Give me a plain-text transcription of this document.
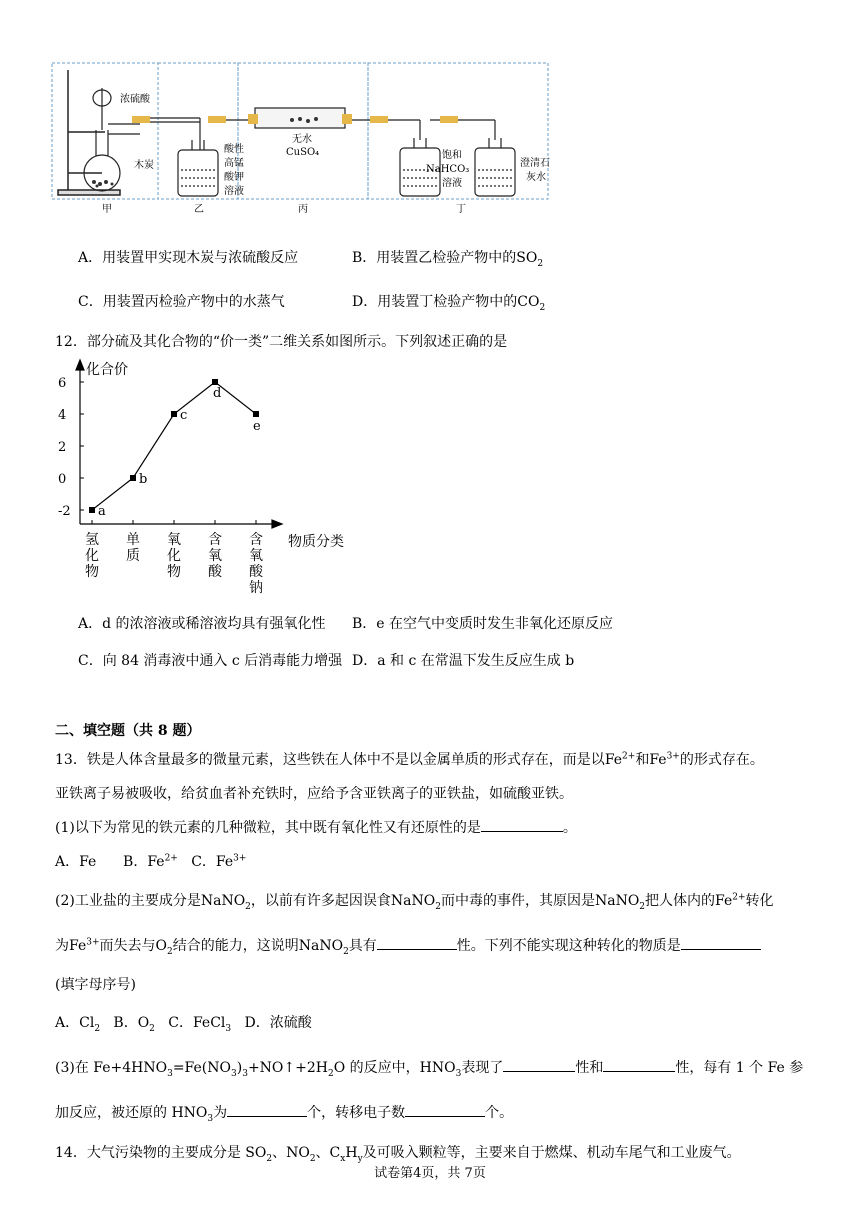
浓硫酸
木炭
酸性
高锰
酸钾
溶液
无水
CuSO₄	饱和
NaHCO₃
溶液
澄清石
灰水
甲	乙	丙	丁
A．用装置甲实现木炭与浓硫酸反应	B．用装置乙检验产物中的$SO_2$
C．用装置丙检验产物中的水蒸气	D．用装置丁检验产物中的$CO_2$
12．部分硫及其化合物的“价一类”二维关系如图所示。下列叙述正确的是
化合价
物质分类
6
4
2
0
-2
氢
化
物
单
质
氧
化
物
含
氧
酸
含
氧
酸
钠
a
b
c
d
e
A．d 的浓溶液或稀溶液均具有强氧化性 B．e 在空气中变质时发生非氧化还原反应
C．向 84 消毒液中通入 c 后消毒能力增强 D．a 和 c 在常温下发生反应生成 b
二、填空题（共 8 题）
13．铁是人体含量最多的微量元素，这些铁在人体中不是以金属单质的形式存在，而是以$Fe^{2+}$和$Fe^{3+}$的形式存在。
亚铁离子易被吸收，给贫血者补充铁时，应给予含亚铁离子的亚铁盐，如硫酸亚铁。
(1)以下为常见的铁元素的几种微粒，其中既有氧化性又有还原性的是	。
A．Fe B．$Fe^{2+}$ C．$Fe^{3+}$
(2)工业盐的主要成分是NaNO$_2$，以前有许多起因误食NaNO$_2$而中毒的事件，其原因是NaNO$_2$把人体内的$Fe^{2+}$转化
为$Fe^{3+}$而失去与$O_2$结合的能力，这说明NaNO$_2$具有	性。下列不能实现这种转化的物质是
(填字母序号)
A．$Cl_2$ B．$O_2$ C．FeCl$_3$ D．浓硫酸
(3)在 $Fe+4HNO_3=Fe(NO_3)_3+NO↑+2H_2O$ 的反应中，$HNO_3$表现了	性和	性，每有 1 个 Fe 参
加反应，被还原的 $HNO_3$为	个，转移电子数	个。
14．大气污染物的主要成分是 $SO_2$、$NO_2$、$C_xH_y$及可吸入颗粒等，主要来自于燃煤、机动车尾气和工业废气。
试卷第4页，共 7页
